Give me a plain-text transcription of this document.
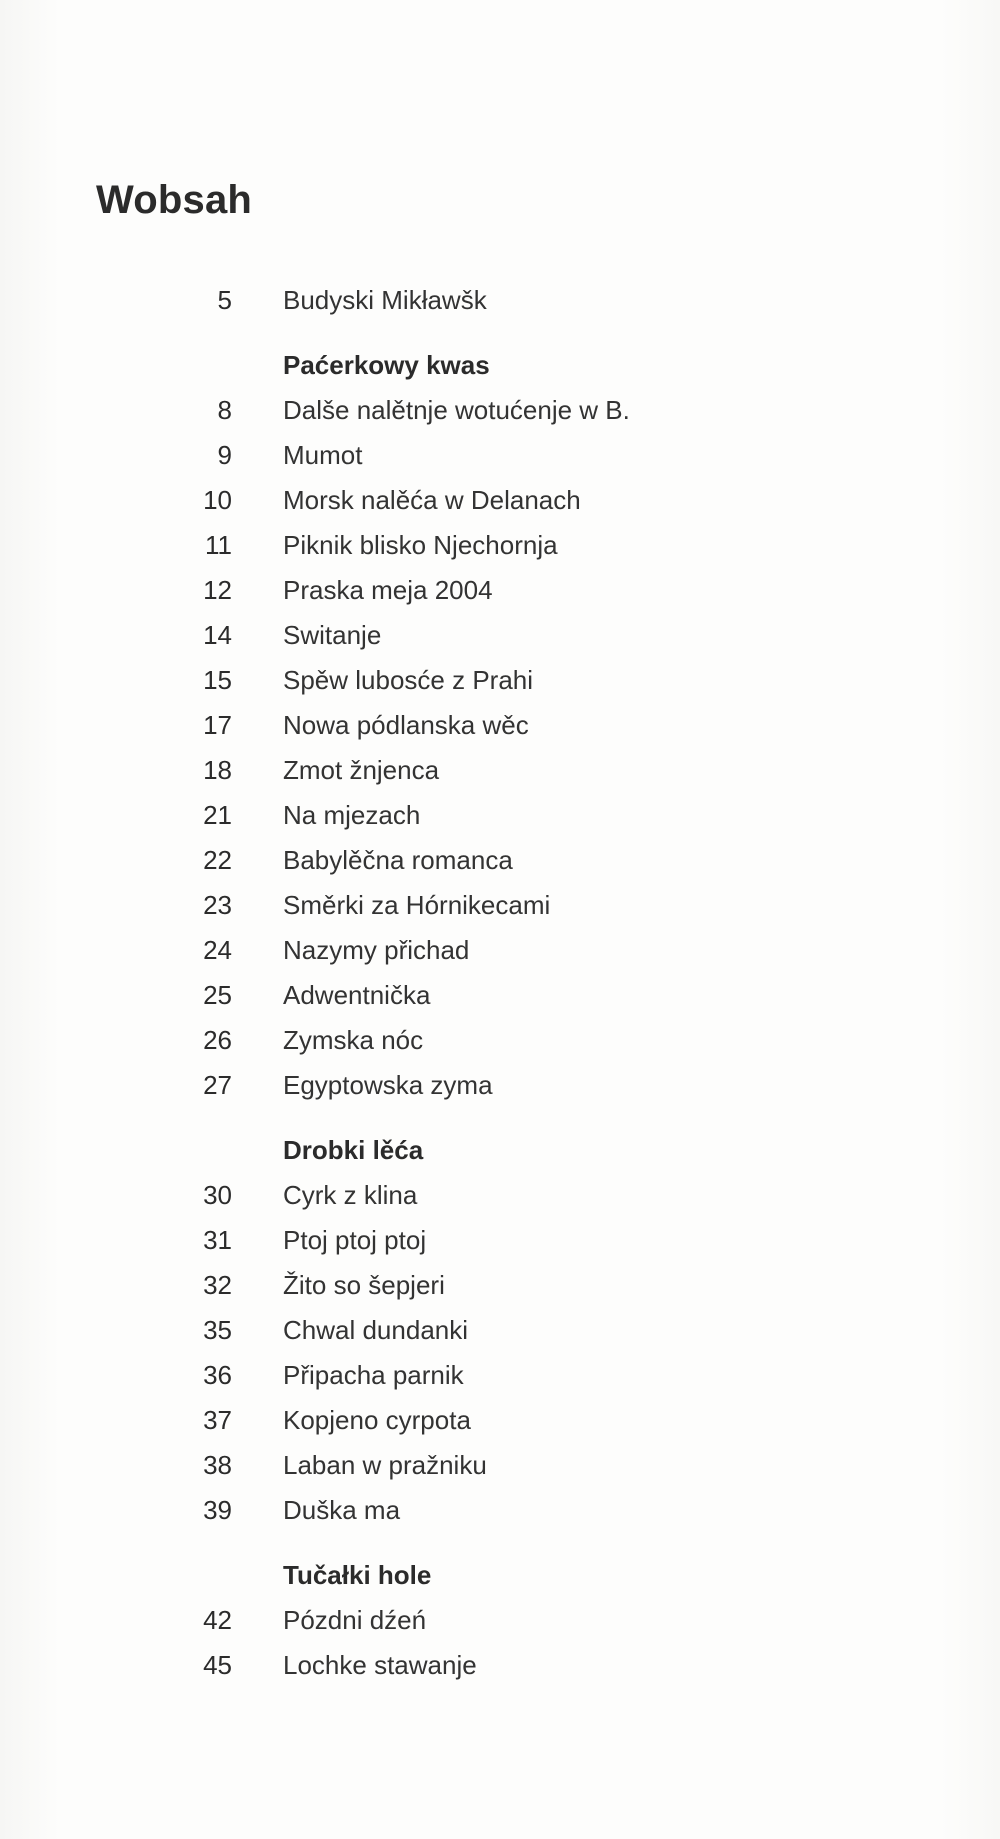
Wobsah
5 Budyski Mikławšk
Paćerkowy kwas
8 Dalše nalětnje wotućenje w B.
9 Mumot
10 Morsk nalěća w Delanach
11 Piknik blisko Njechornja
12 Praska meja 2004
14 Switanje
15 Spěw lubosće z Prahi
17 Nowa pódlanska wěc
18 Zmot žnjenca
21 Na mjezach
22 Babylěčna romanca
23 Směrki za Hórnikecami
24 Nazymy přichad
25 Adwentnička
26 Zymska nóc
27 Egyptowska zyma
Drobki lěća
30 Cyrk z klina
31 Ptoj ptoj ptoj
32 Žito so šepjeri
35 Chwal dundanki
36 Připacha parnik
37 Kopjeno cyrpota
38 Laban w pražniku
39 Duška ma
Tučałki hole
42 Pózdni dźeń
45 Lochke stawanje
